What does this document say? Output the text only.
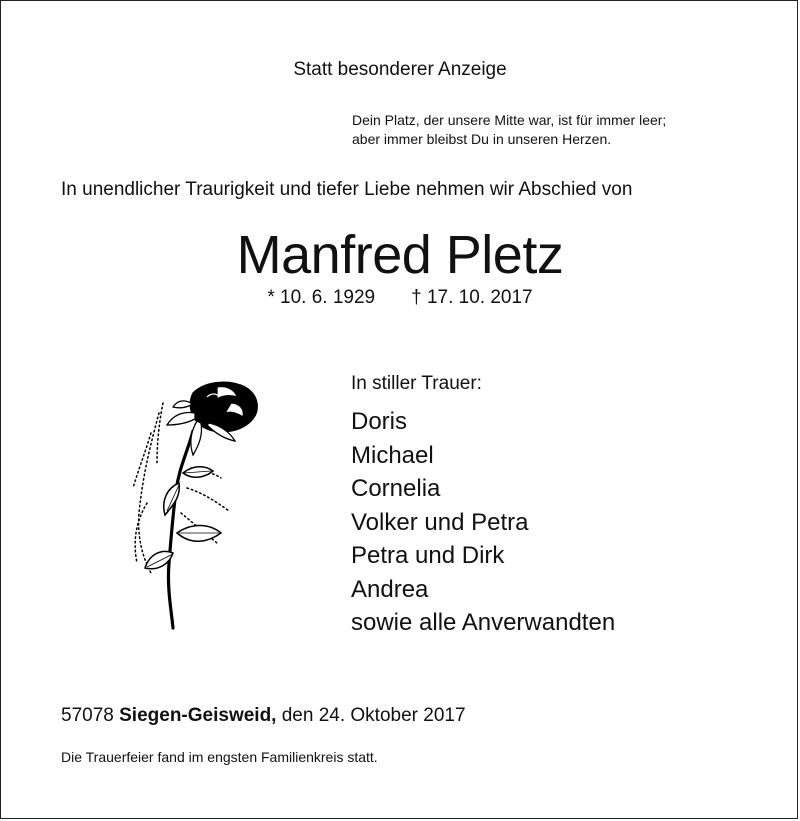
Statt besonderer Anzeige
Dein Platz, der unsere Mitte war, ist für immer leer;
aber immer bleibst Du in unseren Herzen.
In unendlicher Traurigkeit und tiefer Liebe nehmen wir Abschied von
Manfred Pletz
* 10. 6. 1929 † 17. 10. 2017
In stiller Trauer:
Doris
Michael
Cornelia
Volker und Petra
Petra und Dirk
Andrea
sowie alle Anverwandten
57078 Siegen-Geisweid, den 24. Oktober 2017
Die Trauerfeier fand im engsten Familienkreis statt.
